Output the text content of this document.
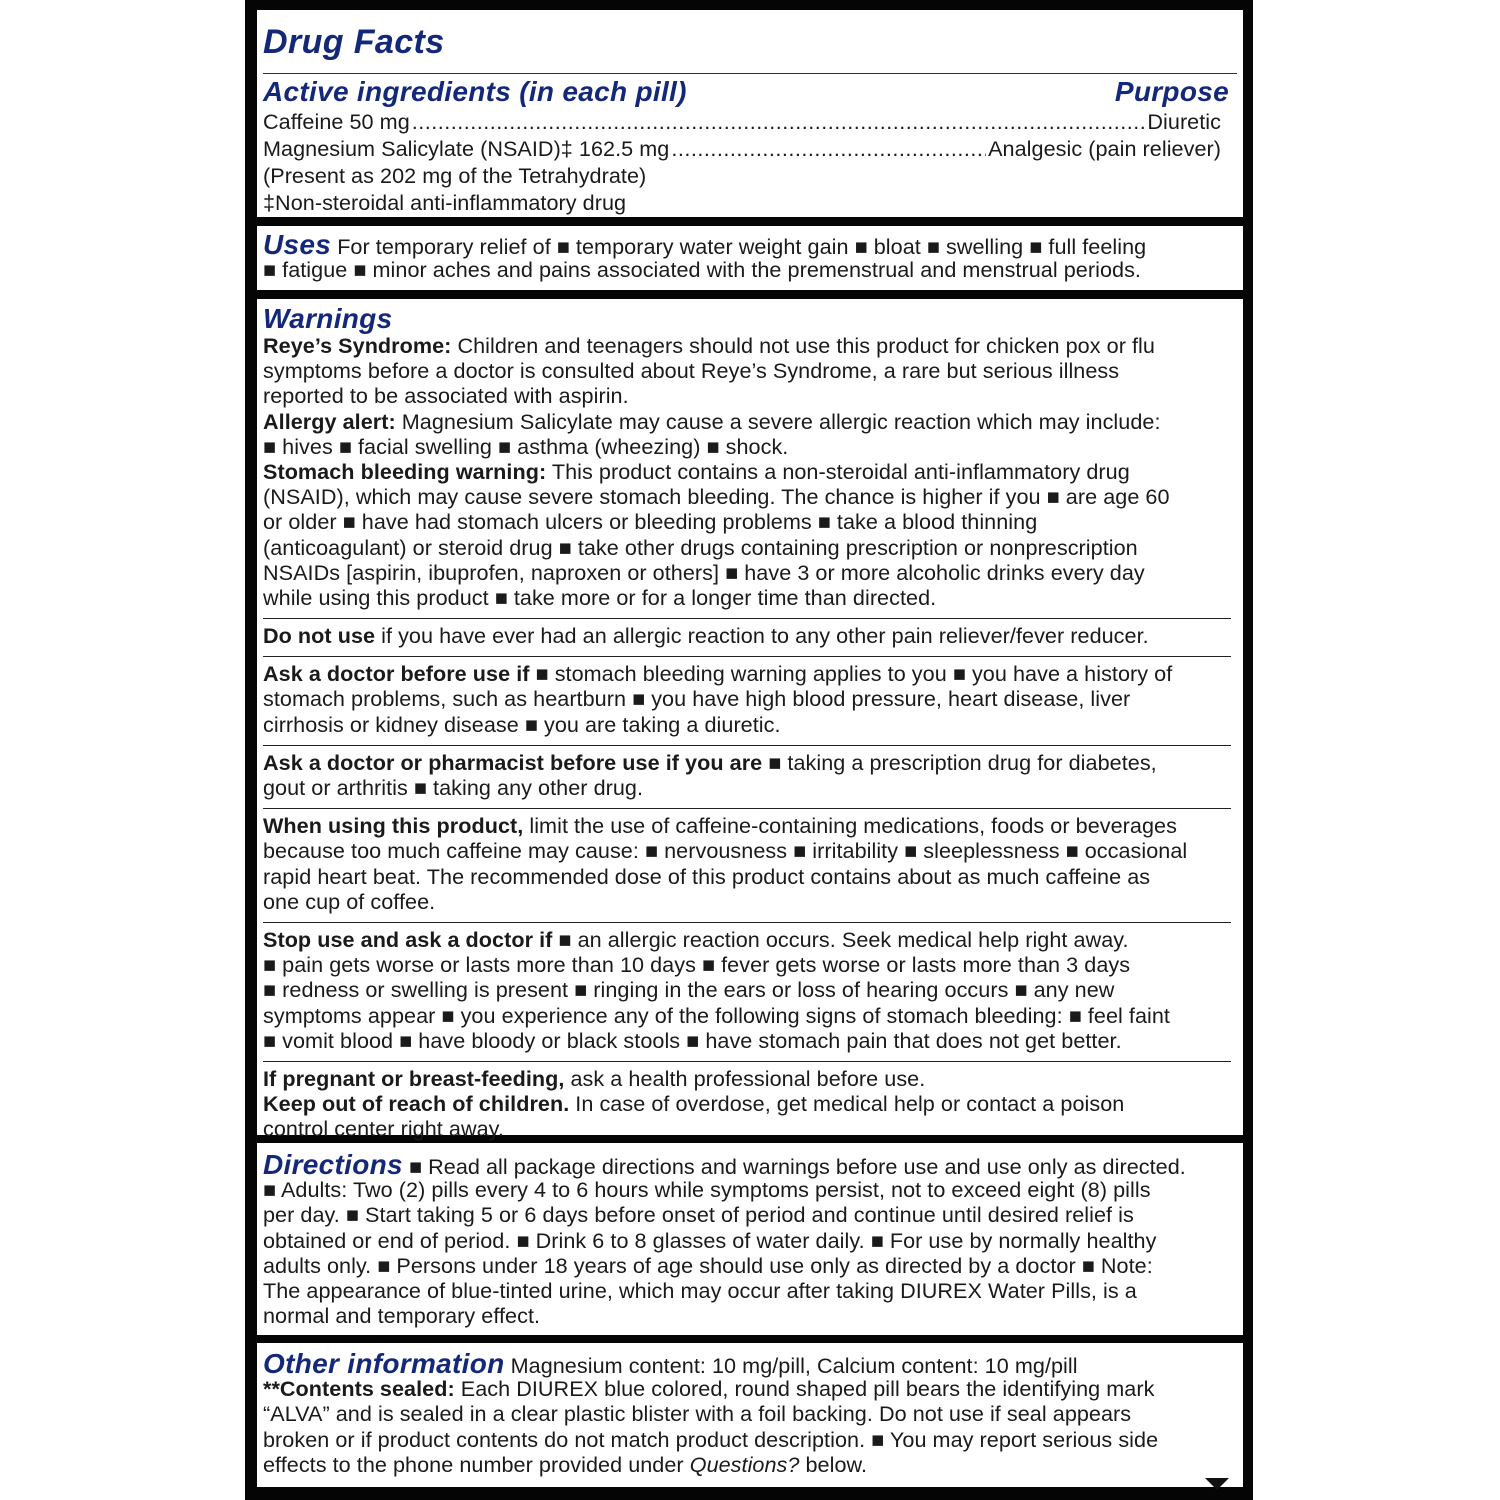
Drug Facts
Active ingredients (in each pill)	Purpose
Caffeine 50 mg .....	Diuretic
Magnesium Salicylate (NSAID)‡ 162.5 mg .....	Analgesic (pain reliever)
(Present as 202 mg of the Tetrahydrate)
‡Non-steroidal anti-inflammatory drug
Uses For temporary relief of ■ temporary water weight gain ■ bloat ■ swelling ■ full feeling
■ fatigue ■ minor aches and pains associated with the premenstrual and menstrual periods.
Warnings
Reye’s Syndrome: Children and teenagers should not use this product for chicken pox or flu
symptoms before a doctor is consulted about Reye’s Syndrome, a rare but serious illness
reported to be associated with aspirin.
Allergy alert: Magnesium Salicylate may cause a severe allergic reaction which may include:
■ hives ■ facial swelling ■ asthma (wheezing) ■ shock.
Stomach bleeding warning: This product contains a non-steroidal anti-inflammatory drug
(NSAID), which may cause severe stomach bleeding. The chance is higher if you ■ are age 60
or older ■ have had stomach ulcers or bleeding problems ■ take a blood thinning
(anticoagulant) or steroid drug ■ take other drugs containing prescription or nonprescription
NSAIDs [aspirin, ibuprofen, naproxen or others] ■ have 3 or more alcoholic drinks every day
while using this product ■ take more or for a longer time than directed.
Do not use if you have ever had an allergic reaction to any other pain reliever/fever reducer.
Ask a doctor before use if ■ stomach bleeding warning applies to you ■ you have a history of
stomach problems, such as heartburn ■ you have high blood pressure, heart disease, liver
cirrhosis or kidney disease ■ you are taking a diuretic.
Ask a doctor or pharmacist before use if you are ■ taking a prescription drug for diabetes,
gout or arthritis ■ taking any other drug.
When using this product, limit the use of caffeine-containing medications, foods or beverages
because too much caffeine may cause: ■ nervousness ■ irritability ■ sleeplessness ■ occasional
rapid heart beat. The recommended dose of this product contains about as much caffeine as
one cup of coffee.
Stop use and ask a doctor if ■ an allergic reaction occurs. Seek medical help right away.
■ pain gets worse or lasts more than 10 days ■ fever gets worse or lasts more than 3 days
■ redness or swelling is present ■ ringing in the ears or loss of hearing occurs ■ any new
symptoms appear ■ you experience any of the following signs of stomach bleeding: ■ feel faint
■ vomit blood ■ have bloody or black stools ■ have stomach pain that does not get better.
If pregnant or breast-feeding, ask a health professional before use.
Keep out of reach of children. In case of overdose, get medical help or contact a poison
control center right away.
Directions ■ Read all package directions and warnings before use and use only as directed.
■ Adults: Two (2) pills every 4 to 6 hours while symptoms persist, not to exceed eight (8) pills
per day. ■ Start taking 5 or 6 days before onset of period and continue until desired relief is
obtained or end of period. ■ Drink 6 to 8 glasses of water daily. ■ For use by normally healthy
adults only. ■ Persons under 18 years of age should use only as directed by a doctor ■ Note:
The appearance of blue-tinted urine, which may occur after taking DIUREX Water Pills, is a
normal and temporary effect.
Other information Magnesium content: 10 mg/pill, Calcium content: 10 mg/pill
**Contents sealed: Each DIUREX blue colored, round shaped pill bears the identifying mark
“ALVA” and is sealed in a clear plastic blister with a foil backing. Do not use if seal appears
broken or if product contents do not match product description. ■ You may report serious side
effects to the phone number provided under Questions? below.
